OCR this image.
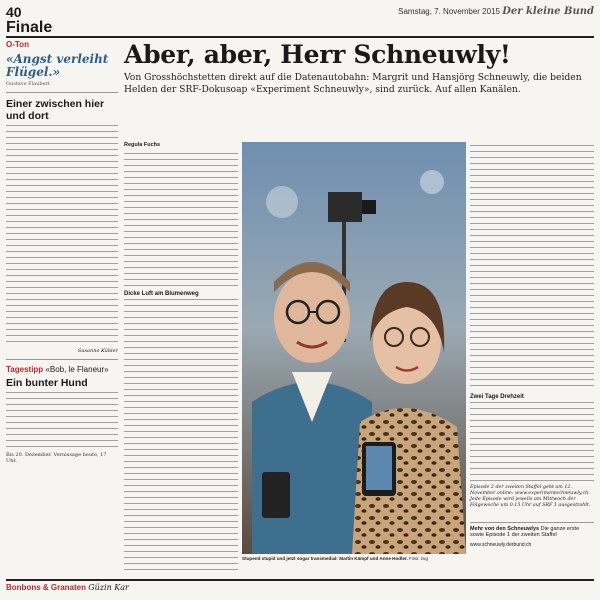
40
Finale
Samstag, 7. November 2015 Der kleine Bund
O-Ton
«Angst verleiht Flügel.»
Gustave Flaubert
Einer zwischen hier und dort
Susanne Kübler
Tagestipp «Bob, le Flaneur»
Ein bunter Hund
Bis 20. Dezember. Vernissage heute, 17 Uhr.
Aber, aber, Herr Schneuwly!
Von Grosshöchstetten direkt auf die Datenautobahn: Margrit und Hansjörg Schneuwly, die beiden Helden der SRF-Dokusoap «Experiment Schneuwly», sind zurück. Auf allen Kanälen.
Regula Fuchs
Dicke Luft am Blumenweg
Stupend stupid und jetzt sogar transmedial: Martin Kämpf und Anne Hodler. Foto: zvg
Zwei Tage Drehzeit
Episode 2 der zweiten Staffel geht am 12. November online: www.experimentschneuwly.ch. Jede Episode wird jeweils am Mittwoch der Folgewoche um 0.15 Uhr auf SRF 1 ausgestrahlt.
Mehr von den Schneuwlys Die ganze erste sowie Episode 1 der zweiten Staffel
www.schneuwly.derbund.ch
Bonbons & Granaten Güzin Kar
